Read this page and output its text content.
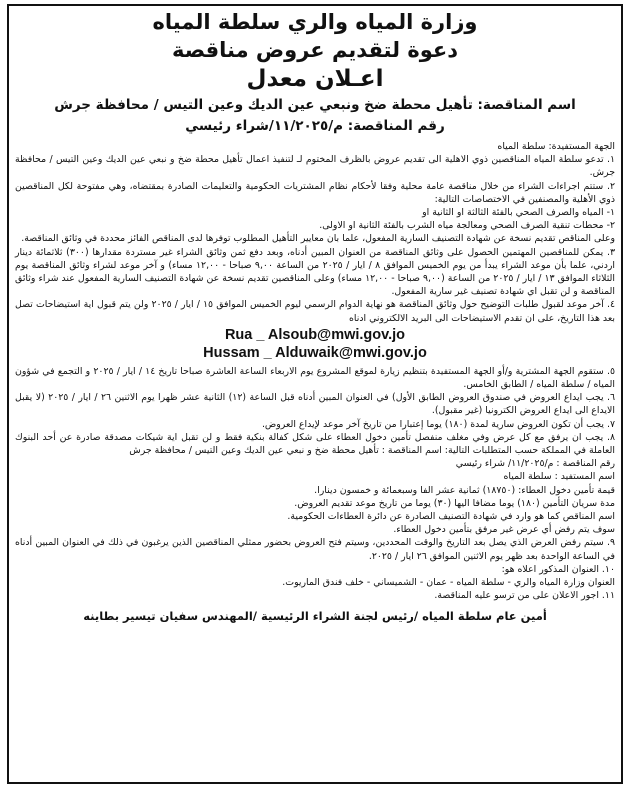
وزارة المياه والري سلطة المياه
دعوة لتقديم عروض مناقصة
اعـلان معدل
اسم المناقصة: تأهيل محطة ضخ ونبعي عين الديك وعين التيس / محافظة جرش
رقم المناقصة: م/١١/٢٠٢٥/شراء رئيسي

الجهة المستفيدة: سلطة المياه

١. تدعو سلطة المياه المناقصين ذوي الاهلية الى تقديم عروض بالظرف المختوم لـ لتنفيذ اعمال تأهيل محطة ضخ و نبعي عين الديك وعين التيس / محافظة جرش.

٢. ستتم اجراءات الشراء من خلال مناقصة عامة محلية وفقا لأحكام نظام المشتريات الحكومية والتعليمات الصادرة بمقتضاه، وهي مفتوحة لكل المناقصين ذوي الأهلية والمصنفين في الاختصاصات التالية:

١- المياه والصرف الصحي بالفئة الثالثة او الثانية او

٢- محطات تنقية الصرف الصحي ومعالجة مياه الشرب بالفئة الثانية او الاولى.

وعلى المناقص تقديم نسخة عن شهادة التصنيف السارية المفعول، علما بان معايير التأهيل المطلوب توفرها لدى المناقص الفائز محددة في وثائق المناقصة.

٣. يمكن للمناقصين المهتمين الحصول على وثائق المناقصة من العنوان المبين أدناه، وبعد دفع ثمن وثائق الشراء غير مستردة مقدارها (٣٠٠) ثلاثمائة دينار اردني، علما بأن موعد الشراء يبدأ من يوم الخميس الموافق ٨ / ايار / ٢٠٢٥ من الساعة ٩,٠٠ صباحا - ١٢,٠٠ مساء) و آخر موعد لشراء وثائق المناقصة يوم الثلاثاء الموافق ١٣ / ايار / ٢٠٢٥ من الساعة (٩,٠٠ صباحا - ١٢,٠٠ مساء) وعلى المناقصين تقديم نسخة عن شهادة التصنيف السارية المفعول عند شراء وثائق المناقصة و لن تقبل اي شهادة تصنيف غير سارية المفعول.

٤. آخر موعد لقبول طلبات التوضيح حول وثائق المناقصة هو نهاية الدوام الرسمي ليوم الخميس الموافق ١٥ / ايار / ٢٠٢٥ ولن يتم قبول اية استيضاحات تصل بعد هذا التاريخ، على ان تقدم الاستيضاحات الى البريد الالكتروني ادناه

Rua _ Alsoub@mwi.gov.jo
Hussam _ Alduwaik@mwi.gov.jo

٥. ستقوم الجهة المشترية و/أو الجهة المستفيدة بتنظيم زيارة لموقع المشروع يوم الاربعاء الساعة العاشرة صباحا تاريخ ١٤ / ايار / ٢٠٢٥ و التجمع في شؤون المياه / سلطة المياه / الطابق الخامس.

٦. يجب ايداع العروض في صندوق العروض الطابق الأول) في العنوان المبين أدناه قبل الساعة (١٢) الثانية عشر ظهرا يوم الاثنين ٢٦ / ايار / ٢٠٢٥ (لا يقبل الايداع الى ايداع العروض الكترونيا (غير مقبول).

٧. يجب أن تكون العروض سارية لمدة (١٨٠) يوما إعتبارا من تاريخ آخر موعد لإيداع العروض.

٨. يجب ان يرفق مع كل عرض وفي مغلف منفصل تأمين دخول العطاء على شكل كفالة بنكية فقط و لن تقبل اية شيكات مصدقة صادرة عن أحد البنوك العاملة في المملكة حسب المتطلبات التالية: اسم المناقصة : تأهيل محطة ضخ و نبعي عين الديك وعين التيس / محافظة جرش

رقم المناقصة : م/١١/٢٠٢٥/ شراء رئيسي

اسم المستفيد : سلطة المياه

قيمة تأمين دخول العطاء: (١٨٧٥٠) ثمانية عشر الفا وسبعمائة و خمسون دينارا.

مدة سريان التأمين (١٨٠) يوما مضافا اليها (٣٠) يوما من تاريخ موعد تقديم العروض.

اسم المناقص كما هو وارد في شهادة التصنيف الصادرة عن دائرة العطاءات الحكومية.

سوف يتم رفض أي عرض غير مرفق بتأمين دخول العطاء.

٩. سيتم رفض العرض الذي يصل بعد التاريخ والوقت المحددين، وسيتم فتح العروض بحضور ممثلي المناقصين الذين يرغبون في ذلك في العنوان المبين أدناه في الساعة الواحدة بعد ظهر يوم الاثنين الموافق ٢٦ ايار / ٢٠٢٥.

١٠. العنوان المذكور اعلاه هو:

العنوان وزارة المياه والري - سلطة المياه - عمان - الشميساني - خلف فندق الماريوت.

١١. اجور الاعلان على من ترسو عليه المناقصة.

أمين عام سلطة المياه /رئيس لجنة الشراء الرئيسية /المهندس سفيان تيسير بطاينه
